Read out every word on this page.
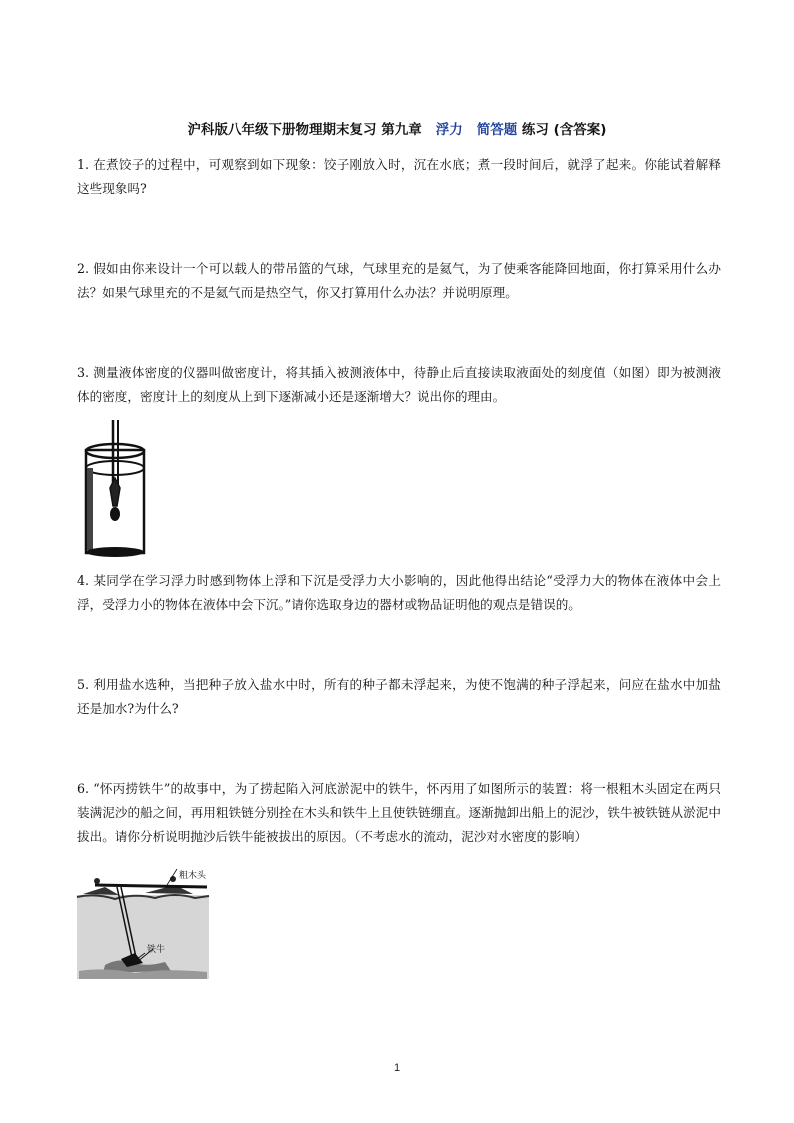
沪科版八年级下册物理期末复习 第九章 浮力 简答题 练习 (含答案)
1. 在煮饺子的过程中，可观察到如下现象：饺子刚放入时，沉在水底；煮一段时间后，就浮了起来。你能试着解释这些现象吗?
2. 假如由你来设计一个可以载人的带吊篮的气球，气球里充的是氦气，为了使乘客能降回地面，你打算采用什么办法？如果气球里充的不是氦气而是热空气，你又打算用什么办法？并说明原理。
3. 测量液体密度的仪器叫做密度计，将其插入被测液体中，待静止后直接读取液面处的刻度值（如图）即为被测液体的密度，密度计上的刻度从上到下逐渐减小还是逐渐增大？说出你的理由。
4. 某同学在学习浮力时感到物体上浮和下沉是受浮力大小影响的，因此他得出结论“受浮力大的物体在液体中会上浮，受浮力小的物体在液体中会下沉。”请你选取身边的器材或物品证明他的观点是错误的。
5. 利用盐水选种，当把种子放入盐水中时，所有的种子都未浮起来，为使不饱满的种子浮起来，问应在盐水中加盐还是加水?为什么?
6. “怀丙捞铁牛”的故事中，为了捞起陷入河底淤泥中的铁牛，怀丙用了如图所示的装置：将一根粗木头固定在两只装满泥沙的船之间，再用粗铁链分别拴在木头和铁牛上且使铁链绷直。逐渐抛卸出船上的泥沙，铁牛被铁链从淤泥中拔出。请你分析说明抛沙后铁牛能被拔出的原因。（不考虑水的流动，泥沙对水密度的影响）
粗木头
铁牛
1
